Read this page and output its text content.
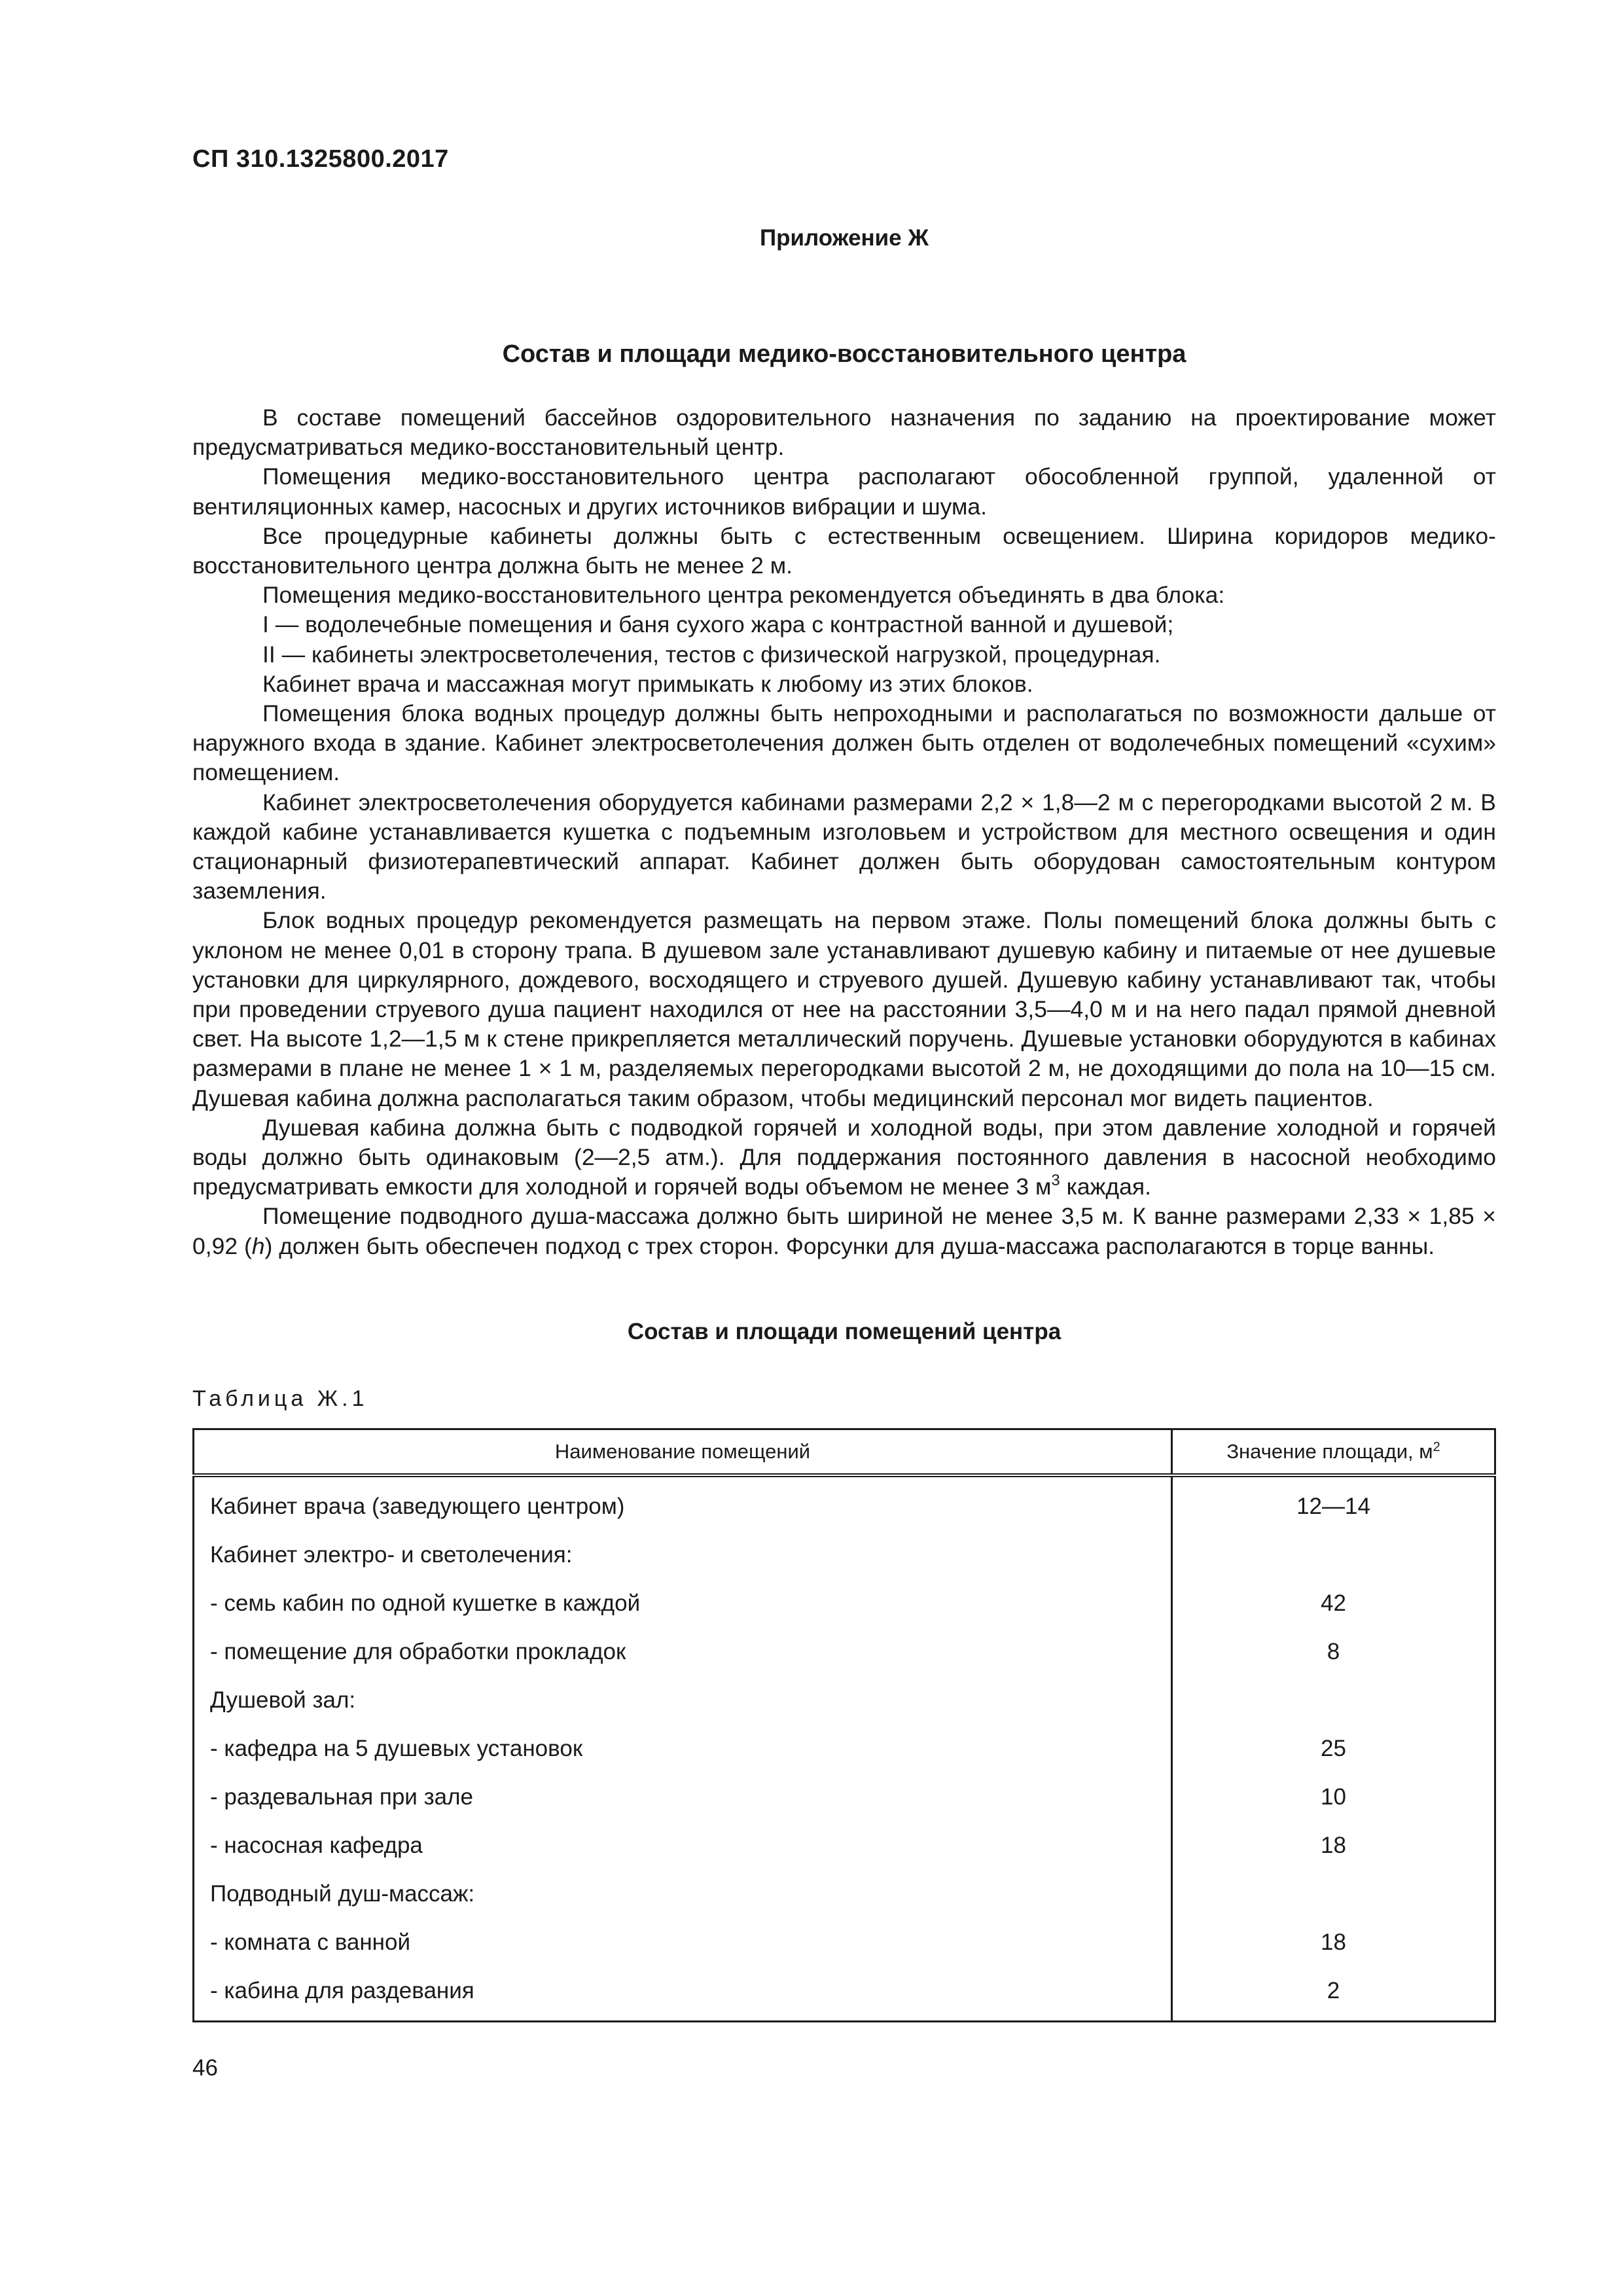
СП 310.1325800.2017
Приложение Ж
Состав и площади медико-восстановительного центра

В составе помещений бассейнов оздоровительного назначения по заданию на проектирование может предусматриваться медико-восстановительный центр.

Помещения медико-восстановительного центра располагают обособленной группой, удаленной от вентиляционных камер, насосных и других источников вибрации и шума.

Все процедурные кабинеты должны быть с естественным освещением. Ширина коридоров медико-восстановительного центра должна быть не менее 2 м.

Помещения медико-восстановительного центра рекомендуется объединять в два блока:

I — водолечебные помещения и баня сухого жара с контрастной ванной и душевой;

II — кабинеты электросветолечения, тестов с физической нагрузкой, процедурная.

Кабинет врача и массажная могут примыкать к любому из этих блоков.

Помещения блока водных процедур должны быть непроходными и располагаться по возможности дальше от наружного входа в здание. Кабинет электросветолечения должен быть отделен от водолечебных помещений «сухим» помещением.

Кабинет электросветолечения оборудуется кабинами размерами 2,2 × 1,8—2 м с перегородками высотой 2 м. В каждой кабине устанавливается кушетка с подъемным изголовьем и устройством для местного освещения и один стационарный физиотерапевтический аппарат. Кабинет должен быть оборудован самостоятельным контуром заземления.

Блок водных процедур рекомендуется размещать на первом этаже. Полы помещений блока должны быть с уклоном не менее 0,01 в сторону трапа. В душевом зале устанавливают душевую кабину и питаемые от нее душевые установки для циркулярного, дождевого, восходящего и струевого душей. Душевую кабину устанавливают так, чтобы при проведении струевого душа пациент находился от нее на расстоянии 3,5—4,0 м и на него падал прямой дневной свет. На высоте 1,2—1,5 м к стене прикрепляется металлический поручень. Душевые установки оборудуются в кабинах размерами в плане не менее 1 × 1 м, разделяемых перегородками высотой 2 м, не доходящими до пола на 10—15 см. Душевая кабина должна располагаться таким образом, чтобы медицинский персонал мог видеть пациентов.

Душевая кабина должна быть с подводкой горячей и холодной воды, при этом давление холодной и горячей воды должно быть одинаковым (2—2,5 атм.). Для поддержания постоянного давления в насосной необходимо предусматривать емкости для холодной и горячей воды объемом не менее 3 $м^3$ каждая.

Помещение подводного душа-массажа должно быть шириной не менее 3,5 м. К ванне размерами 2,33 × 1,85 × 0,92 (h) должен быть обеспечен подход с трех сторон. Форсунки для душа-массажа располагаются в торце ванны.

Состав и площади помещений центра
Таблица Ж.1
Наименование помещений	Значение площади, $м^2$
Кабинет врача (заведующего центром)	12—14
Кабинет электро- и светолечения:	
- семь кабин по одной кушетке в каждой	42
- помещение для обработки прокладок	8
Душевой зал:	
- кафедра на 5 душевых установок	25
- раздевальная при зале	10
- насосная кафедра	18
Подводный душ-массаж:	
- комната с ванной	18
- кабина для раздевания	2
46
